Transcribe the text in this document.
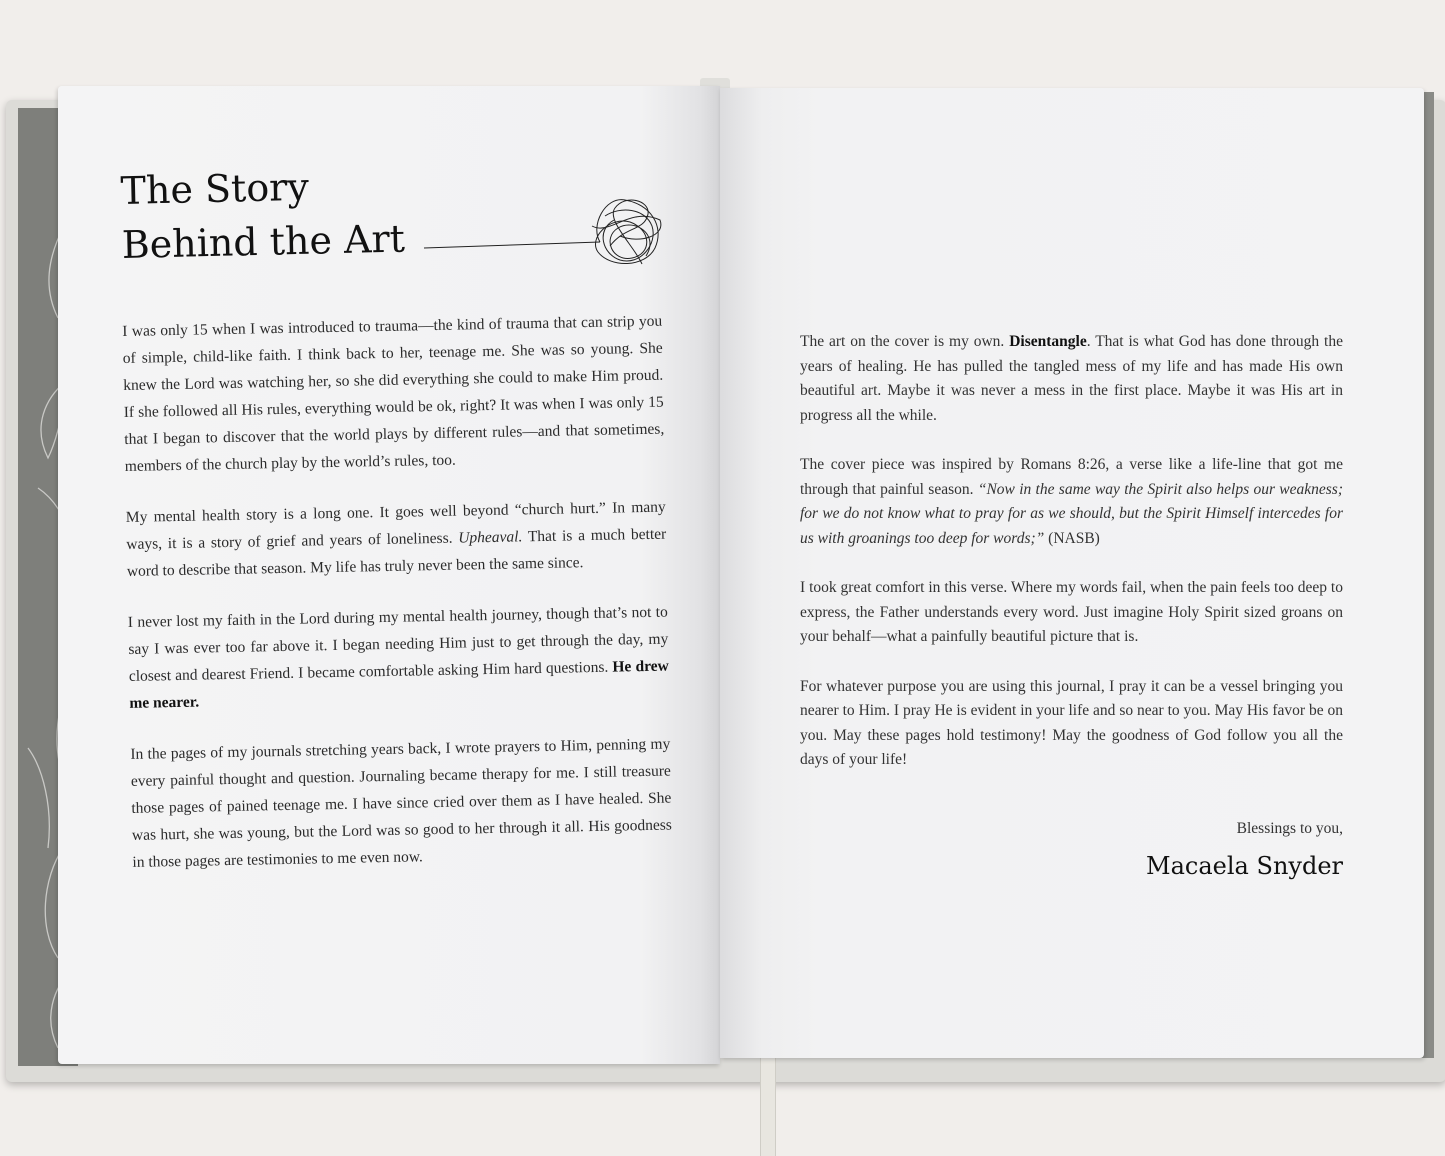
The Story
Behind the Art

I was only 15 when I was introduced to trauma—the kind of trauma that can strip you of simple, child-like faith. I think back to her, teenage me. She was so young. She knew the Lord was watching her, so she did everything she could to make Him proud. If she followed all His rules, everything would be ok, right? It was when I was only 15 that I began to discover that the world plays by different rules—and that sometimes, members of the church play by the world’s rules, too.

My mental health story is a long one. It goes well beyond “church hurt.” In many ways, it is a story of grief and years of loneliness. Upheaval. That is a much better word to describe that season. My life has truly never been the same since.

I never lost my faith in the Lord during my mental health journey, though that’s not to say I was ever too far above it. I began needing Him just to get through the day, my closest and dearest Friend. I became comfortable asking Him hard questions. He drew me nearer.

In the pages of my journals stretching years back, I wrote prayers to Him, penning my every painful thought and question. Journaling became therapy for me. I still treasure those pages of pained teenage me. I have since cried over them as I have healed. She was hurt, she was young, but the Lord was so good to her through it all. His goodness in those pages are testimonies to me even now.

The art on the cover is my own. Disentangle. That is what God has done through the years of healing. He has pulled the tangled mess of my life and has made His own beautiful art. Maybe it was never a mess in the first place. Maybe it was His art in progress all the while.

The cover piece was inspired by Romans 8:26, a verse like a life-line that got me through that painful season. “Now in the same way the Spirit also helps our weakness; for we do not know what to pray for as we should, but the Spirit Himself intercedes for us with groanings too deep for words;” (NASB)

I took great comfort in this verse. Where my words fail, when the pain feels too deep to express, the Father understands every word. Just imagine Holy Spirit sized groans on your behalf—what a painfully beautiful picture that is.

For whatever purpose you are using this journal, I pray it can be a vessel bringing you nearer to Him. I pray He is evident in your life and so near to you. May His favor be on you. May these pages hold testimony! May the goodness of God follow you all the days of your life!

Blessings to you,
Macaela Snyder
